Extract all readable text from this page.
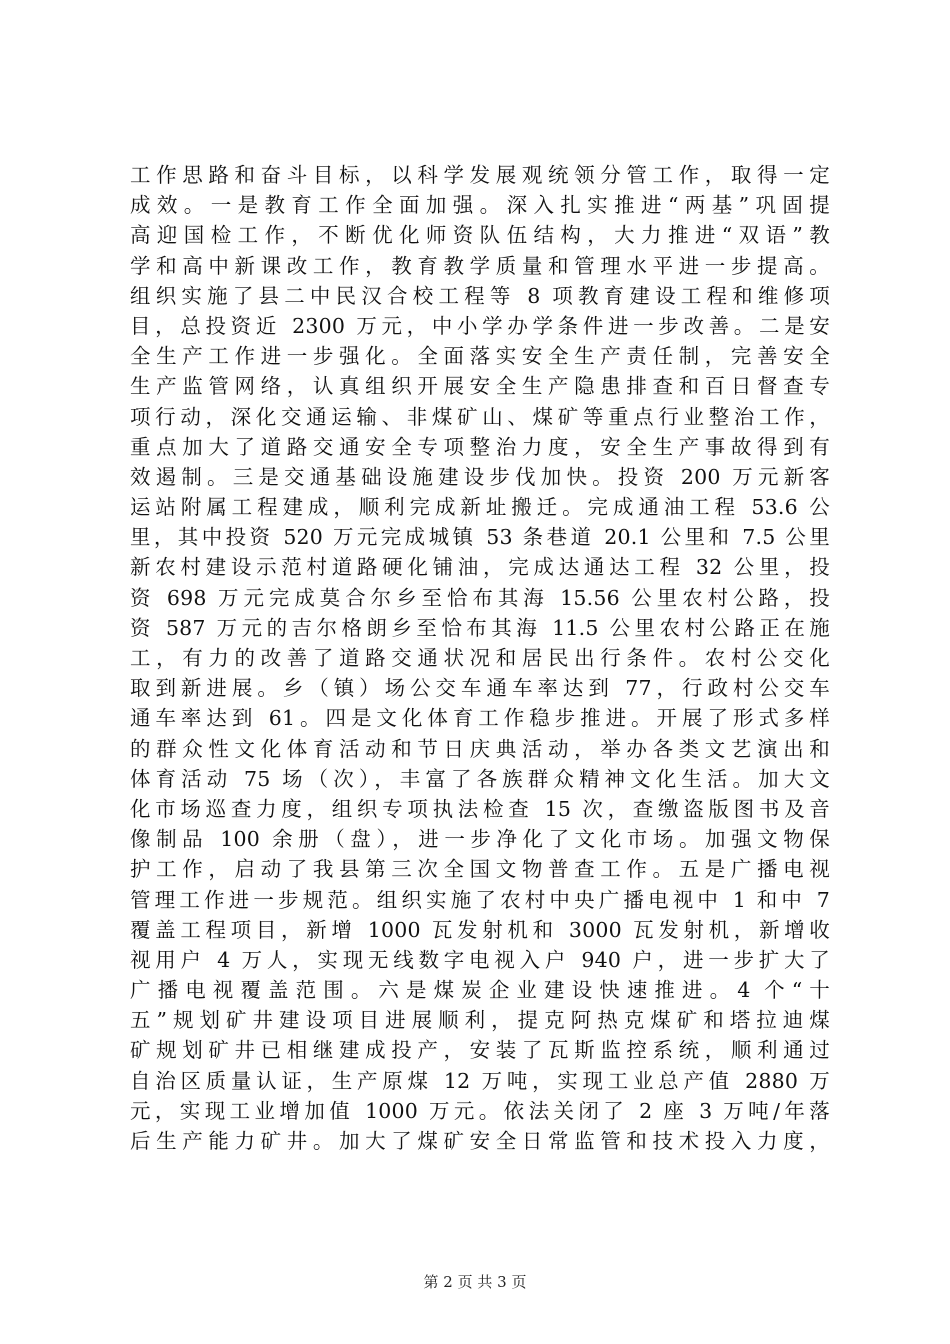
工作思路和奋斗目标，以科学发展观统领分管工作，取得一定
成效。一是教育工作全面加强。深入扎实推进“两基”巩固提
高迎国检工作，不断优化师资队伍结构，大力推进“双语”教
学和高中新课改工作，教育教学质量和管理水平进一步提高。
组织实施了县二中民汉合校工程等 8 项教育建设工程和维修项
目，总投资近 2300 万元，中小学办学条件进一步改善。二是安
全生产工作进一步强化。全面落实安全生产责任制，完善安全
生产监管网络，认真组织开展安全生产隐患排查和百日督查专
项行动，深化交通运输、非煤矿山、煤矿等重点行业整治工作，
重点加大了道路交通安全专项整治力度，安全生产事故得到有
效遏制。三是交通基础设施建设步伐加快。投资 200 万元新客
运站附属工程建成，顺利完成新址搬迁。完成通油工程 53.6 公
里，其中投资 520 万元完成城镇 53 条巷道 20.1 公里和 7.5 公里
新农村建设示范村道路硬化铺油，完成达通达工程 32 公里，投
资 698 万元完成莫合尔乡至恰布其海 15.56 公里农村公路，投
资 587 万元的吉尔格朗乡至恰布其海 11.5 公里农村公路正在施
工，有力的改善了道路交通状况和居民出行条件。农村公交化
取到新进展。乡（镇）场公交车通车率达到 77，行政村公交车
通车率达到 61。四是文化体育工作稳步推进。开展了形式多样
的群众性文化体育活动和节日庆典活动，举办各类文艺演出和
体育活动 75 场（次），丰富了各族群众精神文化生活。加大文
化市场巡查力度，组织专项执法检查 15 次，查缴盗版图书及音
像制品 100 余册（盘），进一步净化了文化市场。加强文物保
护工作，启动了我县第三次全国文物普查工作。五是广播电视
管理工作进一步规范。组织实施了农村中央广播电视中 1 和中 7
覆盖工程项目，新增 1000 瓦发射机和 3000 瓦发射机，新增收
视用户 4 万人，实现无线数字电视入户 940 户，进一步扩大了
广播电视覆盖范围。六是煤炭企业建设快速推进。4 个“十
五”规划矿井建设项目进展顺利，提克阿热克煤矿和塔拉迪煤
矿规划矿井已相继建成投产，安装了瓦斯监控系统，顺利通过
自治区质量认证，生产原煤 12 万吨，实现工业总产值 2880 万
元，实现工业增加值 1000 万元。依法关闭了 2 座 3 万吨/年落
后生产能力矿井。加大了煤矿安全日常监管和技术投入力度，
第 2 页 共 3 页
